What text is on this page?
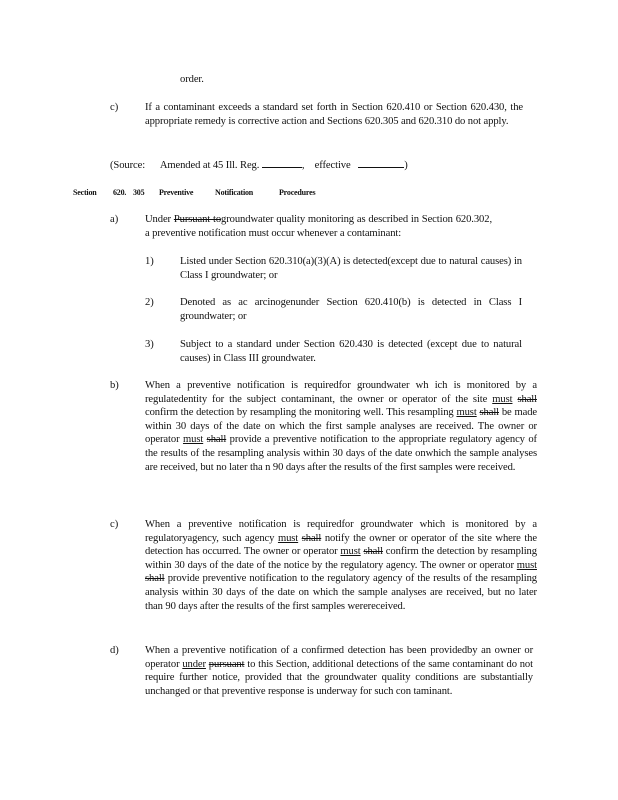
order.
c)	If a contaminant exceeds a standard set forth in Section 620.410 or Section 620.430, the appropriate remedy is corrective action and Sections 620.305 and 620.310 do not apply.
(Source: Amended at 45 Ill. Reg.	, effective	)
Section 620. 305 Preventive	Notification	Procedures
a)	Under Pursuant togroundwater quality monitoring as described in Section 620.302, a preventive notification must occur whenever a contaminant:
1) Listed under Section 620.310(a)(3)(A) is detected(except due to natural causes) in Class I groundwater; or
2) Denoted as ac arcinogenunder Section 620.410(b) is detected in Class I groundwater; or
3) Subject to a standard under Section 620.430 is detected (except due to natural causes) in Class III groundwater.
b) When a preventive notification is requiredfor groundwater wh ich is monitored by a regulatedentity for the subject contaminant, the owner or operator of the site must shall confirm the detection by resampling the monitoring well. This resampling must shall be made within 30 days of the date on which the first sample analyses are received. The owner or operator must shall provide a preventive notification to the appropriate regulatory agency of the results of the resampling analysis within 30 days of the date onwhich the sample analyses are received, but no later tha n 90 days after the results of the first samples were received.
c)	When a preventive notification is requiredfor groundwater which is monitored by a regulatoryagency, such agency must shall notify the owner or operator of the site where the detection has occurred. The owner or operator must shall confirm the detection by resampling within 30 days of the date of the notice by the regulatory agency. The owner or operator must shall provide preventive notification to the regulatory agency of the results of the resampling analysis within 30 days of the date on which the sample analyses are received, but no later than 90 days after the results of the first samples werereceived.
d) When a preventive notification of a confirmed detection has been providedby an owner or operator under pursuant to this Section, additional detections of the same contaminant do not require further notice, provided that the groundwater quality conditions are substantially unchanged or that preventive response is underway for such con taminant.
